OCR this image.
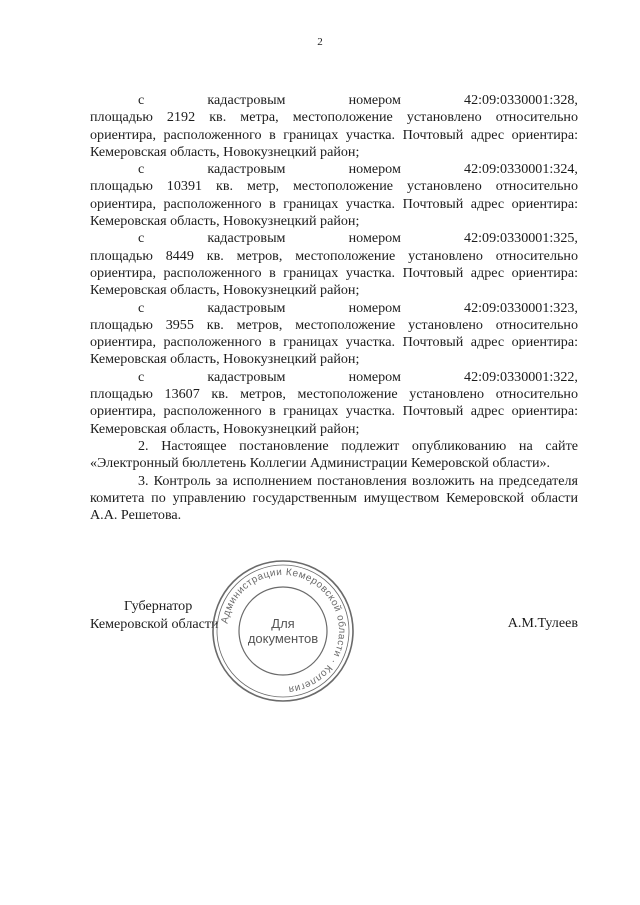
2
с	кадастровым	номером	42:09:0330001:328,
площадью 2192 кв. метра, местоположение установлено относительно ориентира, расположенного в границах участка. Почтовый адрес ориентира: Кемеровская область, Новокузнецкий район;
с	кадастровым	номером	42:09:0330001:324,
площадью 10391 кв. метр, местоположение установлено относительно ориентира, расположенного в границах участка. Почтовый адрес ориентира: Кемеровская область, Новокузнецкий район;
с	кадастровым	номером	42:09:0330001:325,
площадью 8449 кв. метров, местоположение установлено относительно ориентира, расположенного в границах участка. Почтовый адрес ориентира: Кемеровская область, Новокузнецкий район;
с	кадастровым	номером	42:09:0330001:323,
площадью 3955 кв. метров, местоположение установлено относительно ориентира, расположенного в границах участка. Почтовый адрес ориентира: Кемеровская область, Новокузнецкий район;
с	кадастровым	номером	42:09:0330001:322,
площадью 13607 кв. метров, местоположение установлено относительно ориентира, расположенного в границах участка. Почтовый адрес ориентира: Кемеровская область, Новокузнецкий район;

2. Настоящее постановление подлежит опубликованию на сайте «Электронный бюллетень Коллегии Администрации Кемеровской области».

3. Контроль за исполнением постановления возложить на председателя комитета по управлению государственным имуществом Кемеровской области А.А. Решетова.

Губернатор
Кемеровской области Администрации Кемеровской области · Коллегия
Для
документов
А.М.Тулеев
